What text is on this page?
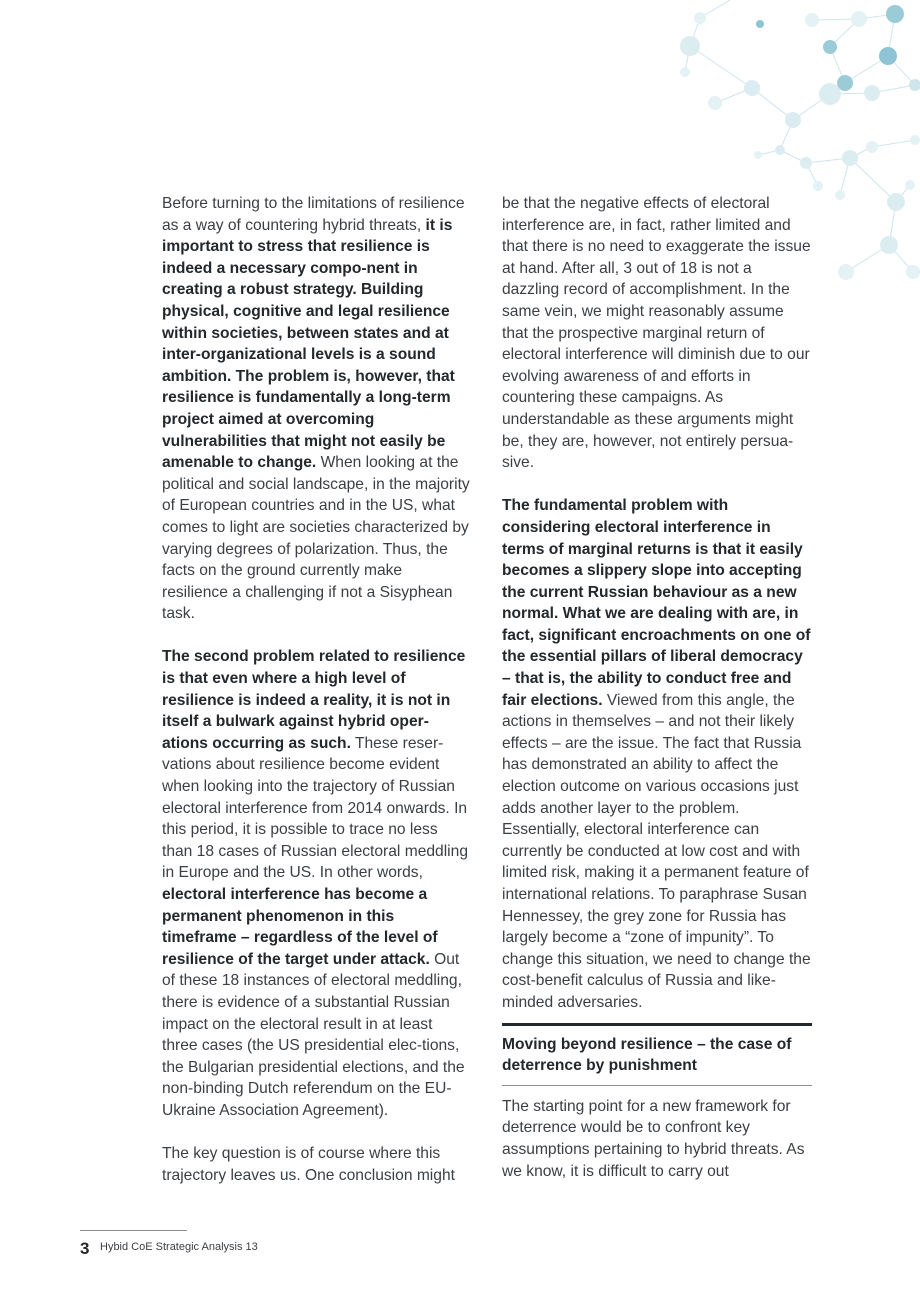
Before turning to the limitations of resilience as a way of countering hybrid threats, it is important to stress that resilience is indeed a necessary compo-nent in creating a robust strategy. Building physical, cognitive and legal resilience within societies, between states and at inter-organizational levels is a sound ambition. The problem is, however, that resilience is fundamentally a long-term project aimed at overcoming vulnerabilities that might not easily be amenable to change. When looking at the political and social landscape, in the majority of European countries and in the US, what comes to light are societies characterized by varying degrees of polarization. Thus, the facts on the ground currently make resilience a challenging if not a Sisyphean task.

The second problem related to resilience is that even where a high level of resilience is indeed a reality, it is not in itself a bulwark against hybrid oper-ations occurring as such. These reser-vations about resilience become evident when looking into the trajectory of Russian electoral interference from 2014 onwards. In this period, it is possible to trace no less than 18 cases of Russian electoral meddling in Europe and the US. In other words, electoral interference has become a permanent phenomenon in this timeframe – regardless of the level of resilience of the target under attack. Out of these 18 instances of electoral meddling, there is evidence of a substantial Russian impact on the electoral result in at least three cases (the US presidential elec-tions, the Bulgarian presidential elections, and the non-binding Dutch referendum on the EU-Ukraine Association Agreement).

The key question is of course where this trajectory leaves us. One conclusion might

be that the negative effects of electoral interference are, in fact, rather limited and that there is no need to exaggerate the issue at hand. After all, 3 out of 18 is not a dazzling record of accomplishment. In the same vein, we might reasonably assume that the prospective marginal return of electoral interference will diminish due to our evolving awareness of and efforts in countering these campaigns. As understandable as these arguments might be, they are, however, not entirely persua-sive.

The fundamental problem with considering electoral interference in terms of marginal returns is that it easily becomes a slippery slope into accepting the current Russian behaviour as a new normal. What we are dealing with are, in fact, significant encroachments on one of the essential pillars of liberal democracy – that is, the ability to conduct free and fair elections. Viewed from this angle, the actions in themselves – and not their likely effects – are the issue. The fact that Russia has demonstrated an ability to affect the election outcome on various occasions just adds another layer to the problem. Essentially, electoral interference can currently be conducted at low cost and with limited risk, making it a permanent feature of international relations. To paraphrase Susan Hennessey, the grey zone for Russia has largely become a “zone of impunity”. To change this situation, we need to change the cost-benefit calculus of Russia and like-minded adversaries.

Moving beyond resilience – the case of deterrence by punishment

The starting point for a new framework for deterrence would be to confront key assumptions pertaining to hybrid threats. As we know, it is difficult to carry out

3 Hybid CoE Strategic Analysis 13
